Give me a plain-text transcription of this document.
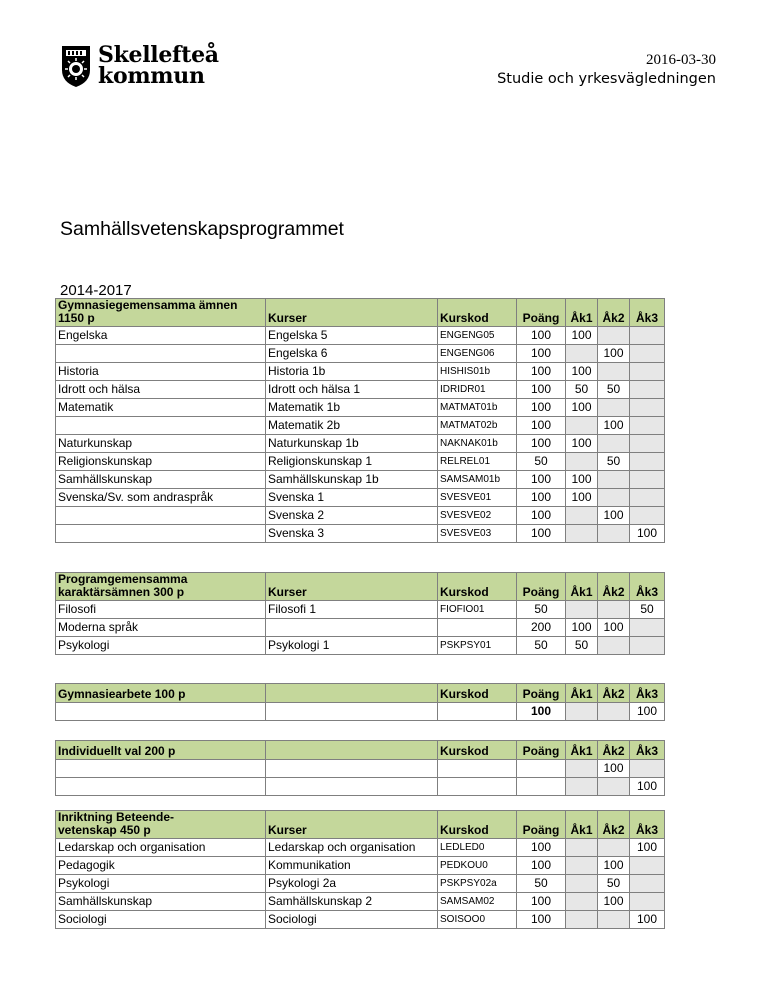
Skellefteå
kommun
2016-03-30
Studie och yrkesvägledningen
Samhällsvetenskapsprogrammet
2014-2017
Gymnasiegemensamma ämnen
1150 p	Kurser	Kurskod	Poäng	Åk1	Åk2	Åk3
Engelska	Engelska 5	ENGENG05	100	100		
	Engelska 6	ENGENG06	100		100	
Historia	Historia 1b	HISHIS01b	100	100		
Idrott och hälsa	Idrott och hälsa 1	IDRIDR01	100	50	50	
Matematik	Matematik 1b	MATMAT01b	100	100		
	Matematik 2b	MATMAT02b	100		100	
Naturkunskap	Naturkunskap 1b	NAKNAK01b	100	100		
Religionskunskap	Religionskunskap 1	RELREL01	50		50	
Samhällskunskap	Samhällskunskap 1b	SAMSAM01b	100	100		
Svenska/Sv. som andraspråk	Svenska 1	SVESVE01	100	100		
	Svenska 2	SVESVE02	100		100	
	Svenska 3	SVESVE03	100			100
Programgemensamma
karaktärsämnen 300 p	Kurser	Kurskod	Poäng	Åk1	Åk2	Åk3
Filosofi	Filosofi 1	FIOFIO01	50			50
Moderna språk			200	100	100	
Psykologi	Psykologi 1	PSKPSY01	50	50		
Gymnasiearbete 100 p		Kurskod	Poäng	Åk1	Åk2	Åk3
			100			100
Individuellt val 200 p		Kurskod	Poäng	Åk1	Åk2	Åk3
					100	
						100
Inriktning Beteende-
vetenskap 450 p	Kurser	Kurskod	Poäng	Åk1	Åk2	Åk3
Ledarskap och organisation	Ledarskap och organisation	LEDLED0	100			100
Pedagogik	Kommunikation	PEDKOU0	100		100	
Psykologi	Psykologi 2a	PSKPSY02a	50		50	
Samhällskunskap	Samhällskunskap 2	SAMSAM02	100		100	
Sociologi	Sociologi	SOISOO0	100			100
